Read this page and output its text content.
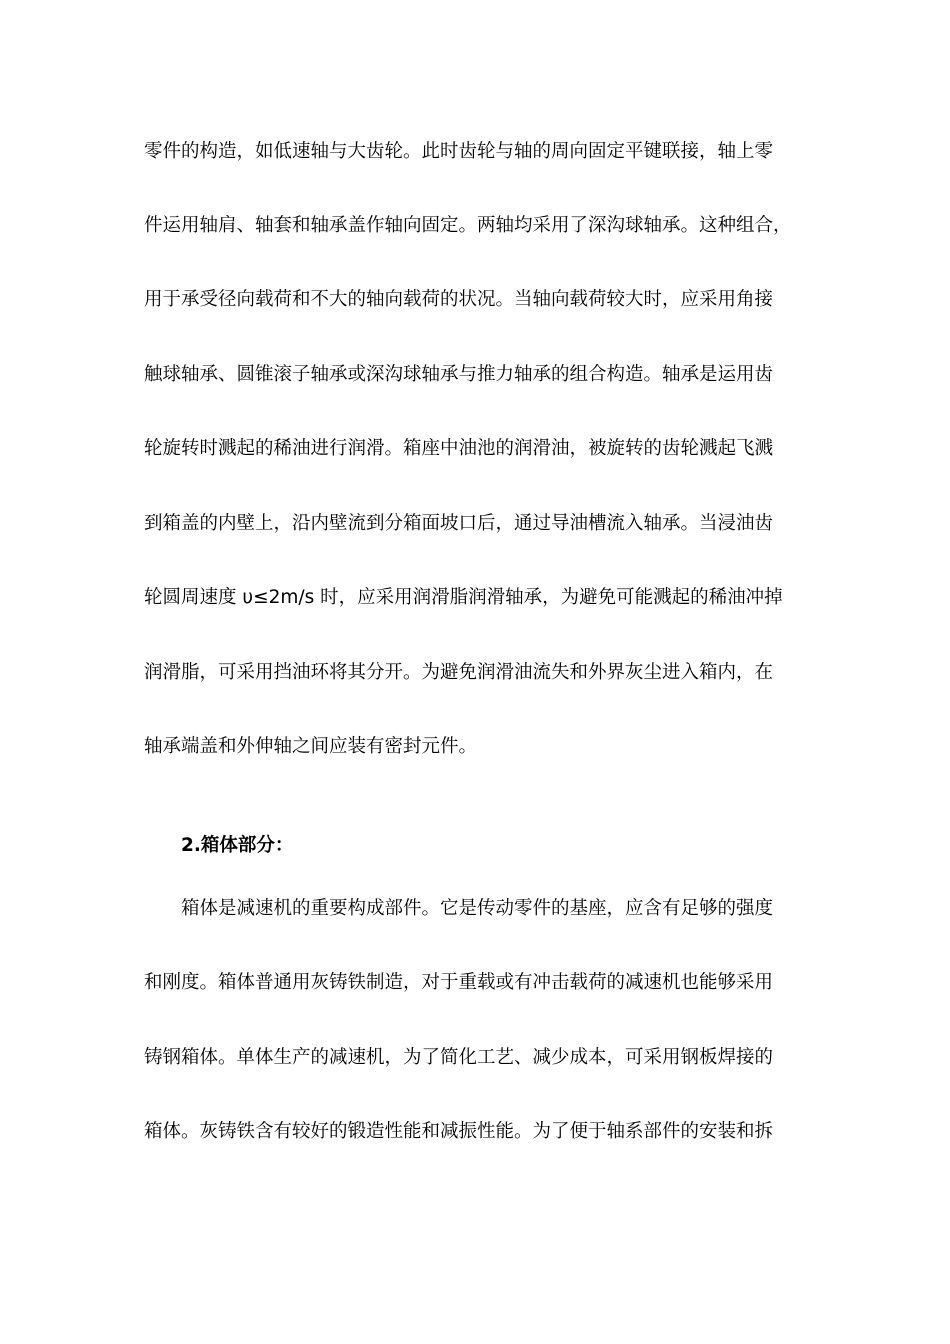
零件的构造，如低速轴与大齿轮。此时齿轮与轴的周向固定平键联接，轴上零
件运用轴肩、轴套和轴承盖作轴向固定。两轴均采用了深沟球轴承。这种组合，
用于承受径向载荷和不大的轴向载荷的状况。当轴向载荷较大时，应采用角接
触球轴承、圆锥滚子轴承或深沟球轴承与推力轴承的组合构造。轴承是运用齿
轮旋转时溅起的稀油进行润滑。箱座中油池的润滑油，被旋转的齿轮溅起飞溅
到箱盖的内壁上，沿内壁流到分箱面坡口后，通过导油槽流入轴承。当浸油齿
轮圆周速度 υ≤2m/s 时，应采用润滑脂润滑轴承，为避免可能溅起的稀油冲掉
润滑脂，可采用挡油环将其分开。为避免润滑油流失和外界灰尘进入箱内，在
轴承端盖和外伸轴之间应装有密封元件。
2.箱体部分：
箱体是减速机的重要构成部件。它是传动零件的基座，应含有足够的强度
和刚度。箱体普通用灰铸铁制造，对于重载或有冲击载荷的减速机也能够采用
铸钢箱体。单体生产的减速机，为了简化工艺、减少成本，可采用钢板焊接的
箱体。灰铸铁含有较好的锻造性能和减振性能。为了便于轴系部件的安装和拆
